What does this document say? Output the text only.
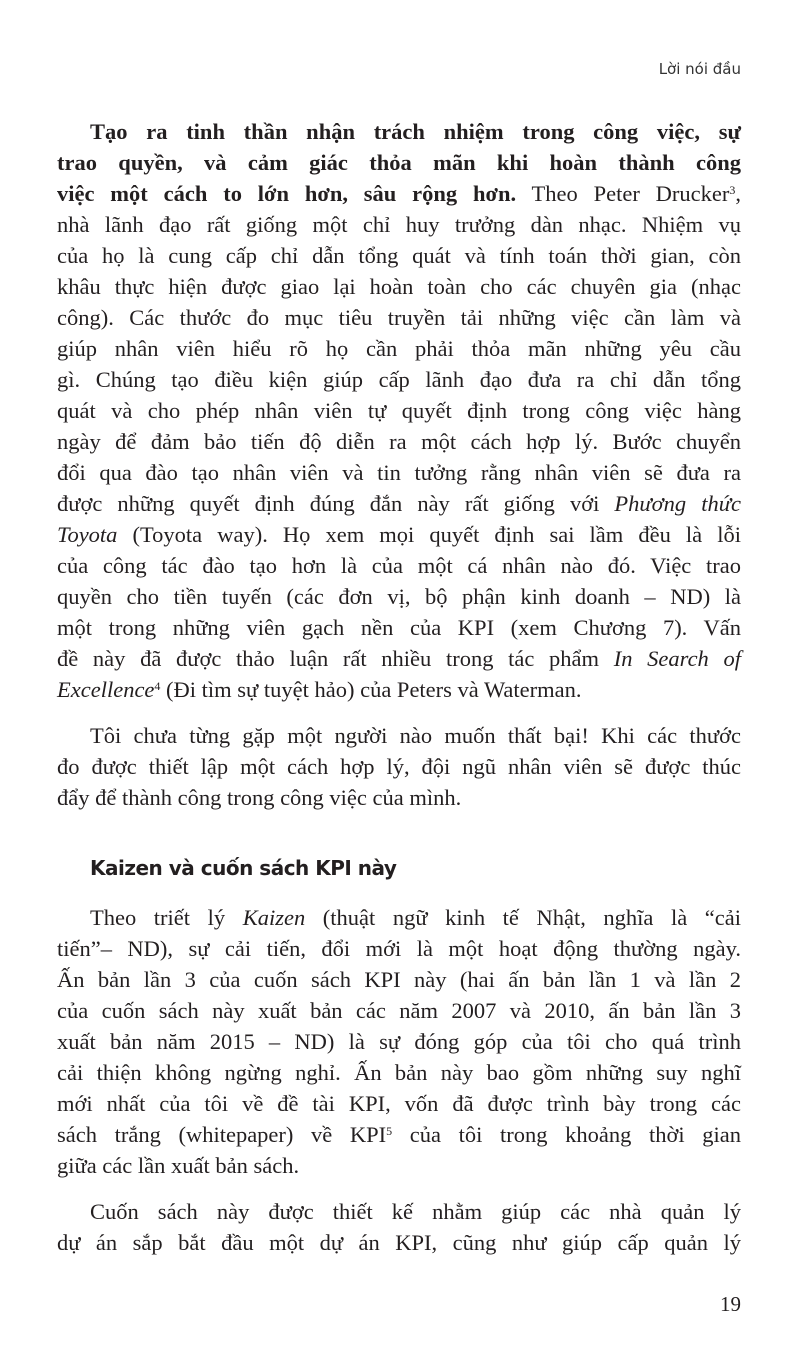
Lời nói đầu
Tạo ra tinh thần nhận trách nhiệm trong công việc, sự
trao quyền, và cảm giác thỏa mãn khi hoàn thành công
việc một cách to lớn hơn, sâu rộng hơn. Theo Peter Drucker$^3$,
nhà lãnh đạo rất giống một chỉ huy trưởng dàn nhạc. Nhiệm vụ
của họ là cung cấp chỉ dẫn tổng quát và tính toán thời gian, còn
khâu thực hiện được giao lại hoàn toàn cho các chuyên gia (nhạc
công). Các thước đo mục tiêu truyền tải những việc cần làm và
giúp nhân viên hiểu rõ họ cần phải thỏa mãn những yêu cầu
gì. Chúng tạo điều kiện giúp cấp lãnh đạo đưa ra chỉ dẫn tổng
quát và cho phép nhân viên tự quyết định trong công việc hàng
ngày để đảm bảo tiến độ diễn ra một cách hợp lý. Bước chuyển
đổi qua đào tạo nhân viên và tin tưởng rằng nhân viên sẽ đưa ra
được những quyết định đúng đắn này rất giống với Phương thức
Toyota (Toyota way). Họ xem mọi quyết định sai lầm đều là lỗi
của công tác đào tạo hơn là của một cá nhân nào đó. Việc trao
quyền cho tiền tuyến (các đơn vị, bộ phận kinh doanh – ND) là
một trong những viên gạch nền của KPI (xem Chương 7). Vấn
đề này đã được thảo luận rất nhiều trong tác phẩm In Search of
Excellence$^4$ (Đi tìm sự tuyệt hảo) của Peters và Waterman.
Tôi chưa từng gặp một người nào muốn thất bại! Khi các thước
đo được thiết lập một cách hợp lý, đội ngũ nhân viên sẽ được thúc
đẩy để thành công trong công việc của mình.
Kaizen và cuốn sách KPI này
Theo triết lý Kaizen (thuật ngữ kinh tế Nhật, nghĩa là “cải
tiến”– ND), sự cải tiến, đổi mới là một hoạt động thường ngày.
Ấn bản lần 3 của cuốn sách KPI này (hai ấn bản lần 1 và lần 2
của cuốn sách này xuất bản các năm 2007 và 2010, ấn bản lần 3
xuất bản năm 2015 – ND) là sự đóng góp của tôi cho quá trình
cải thiện không ngừng nghỉ. Ấn bản này bao gồm những suy nghĩ
mới nhất của tôi về đề tài KPI, vốn đã được trình bày trong các
sách trắng (whitepaper) về KPI$^5$ của tôi trong khoảng thời gian
giữa các lần xuất bản sách.
Cuốn sách này được thiết kế nhằm giúp các nhà quản lý
dự án sắp bắt đầu một dự án KPI, cũng như giúp cấp quản lý
19
